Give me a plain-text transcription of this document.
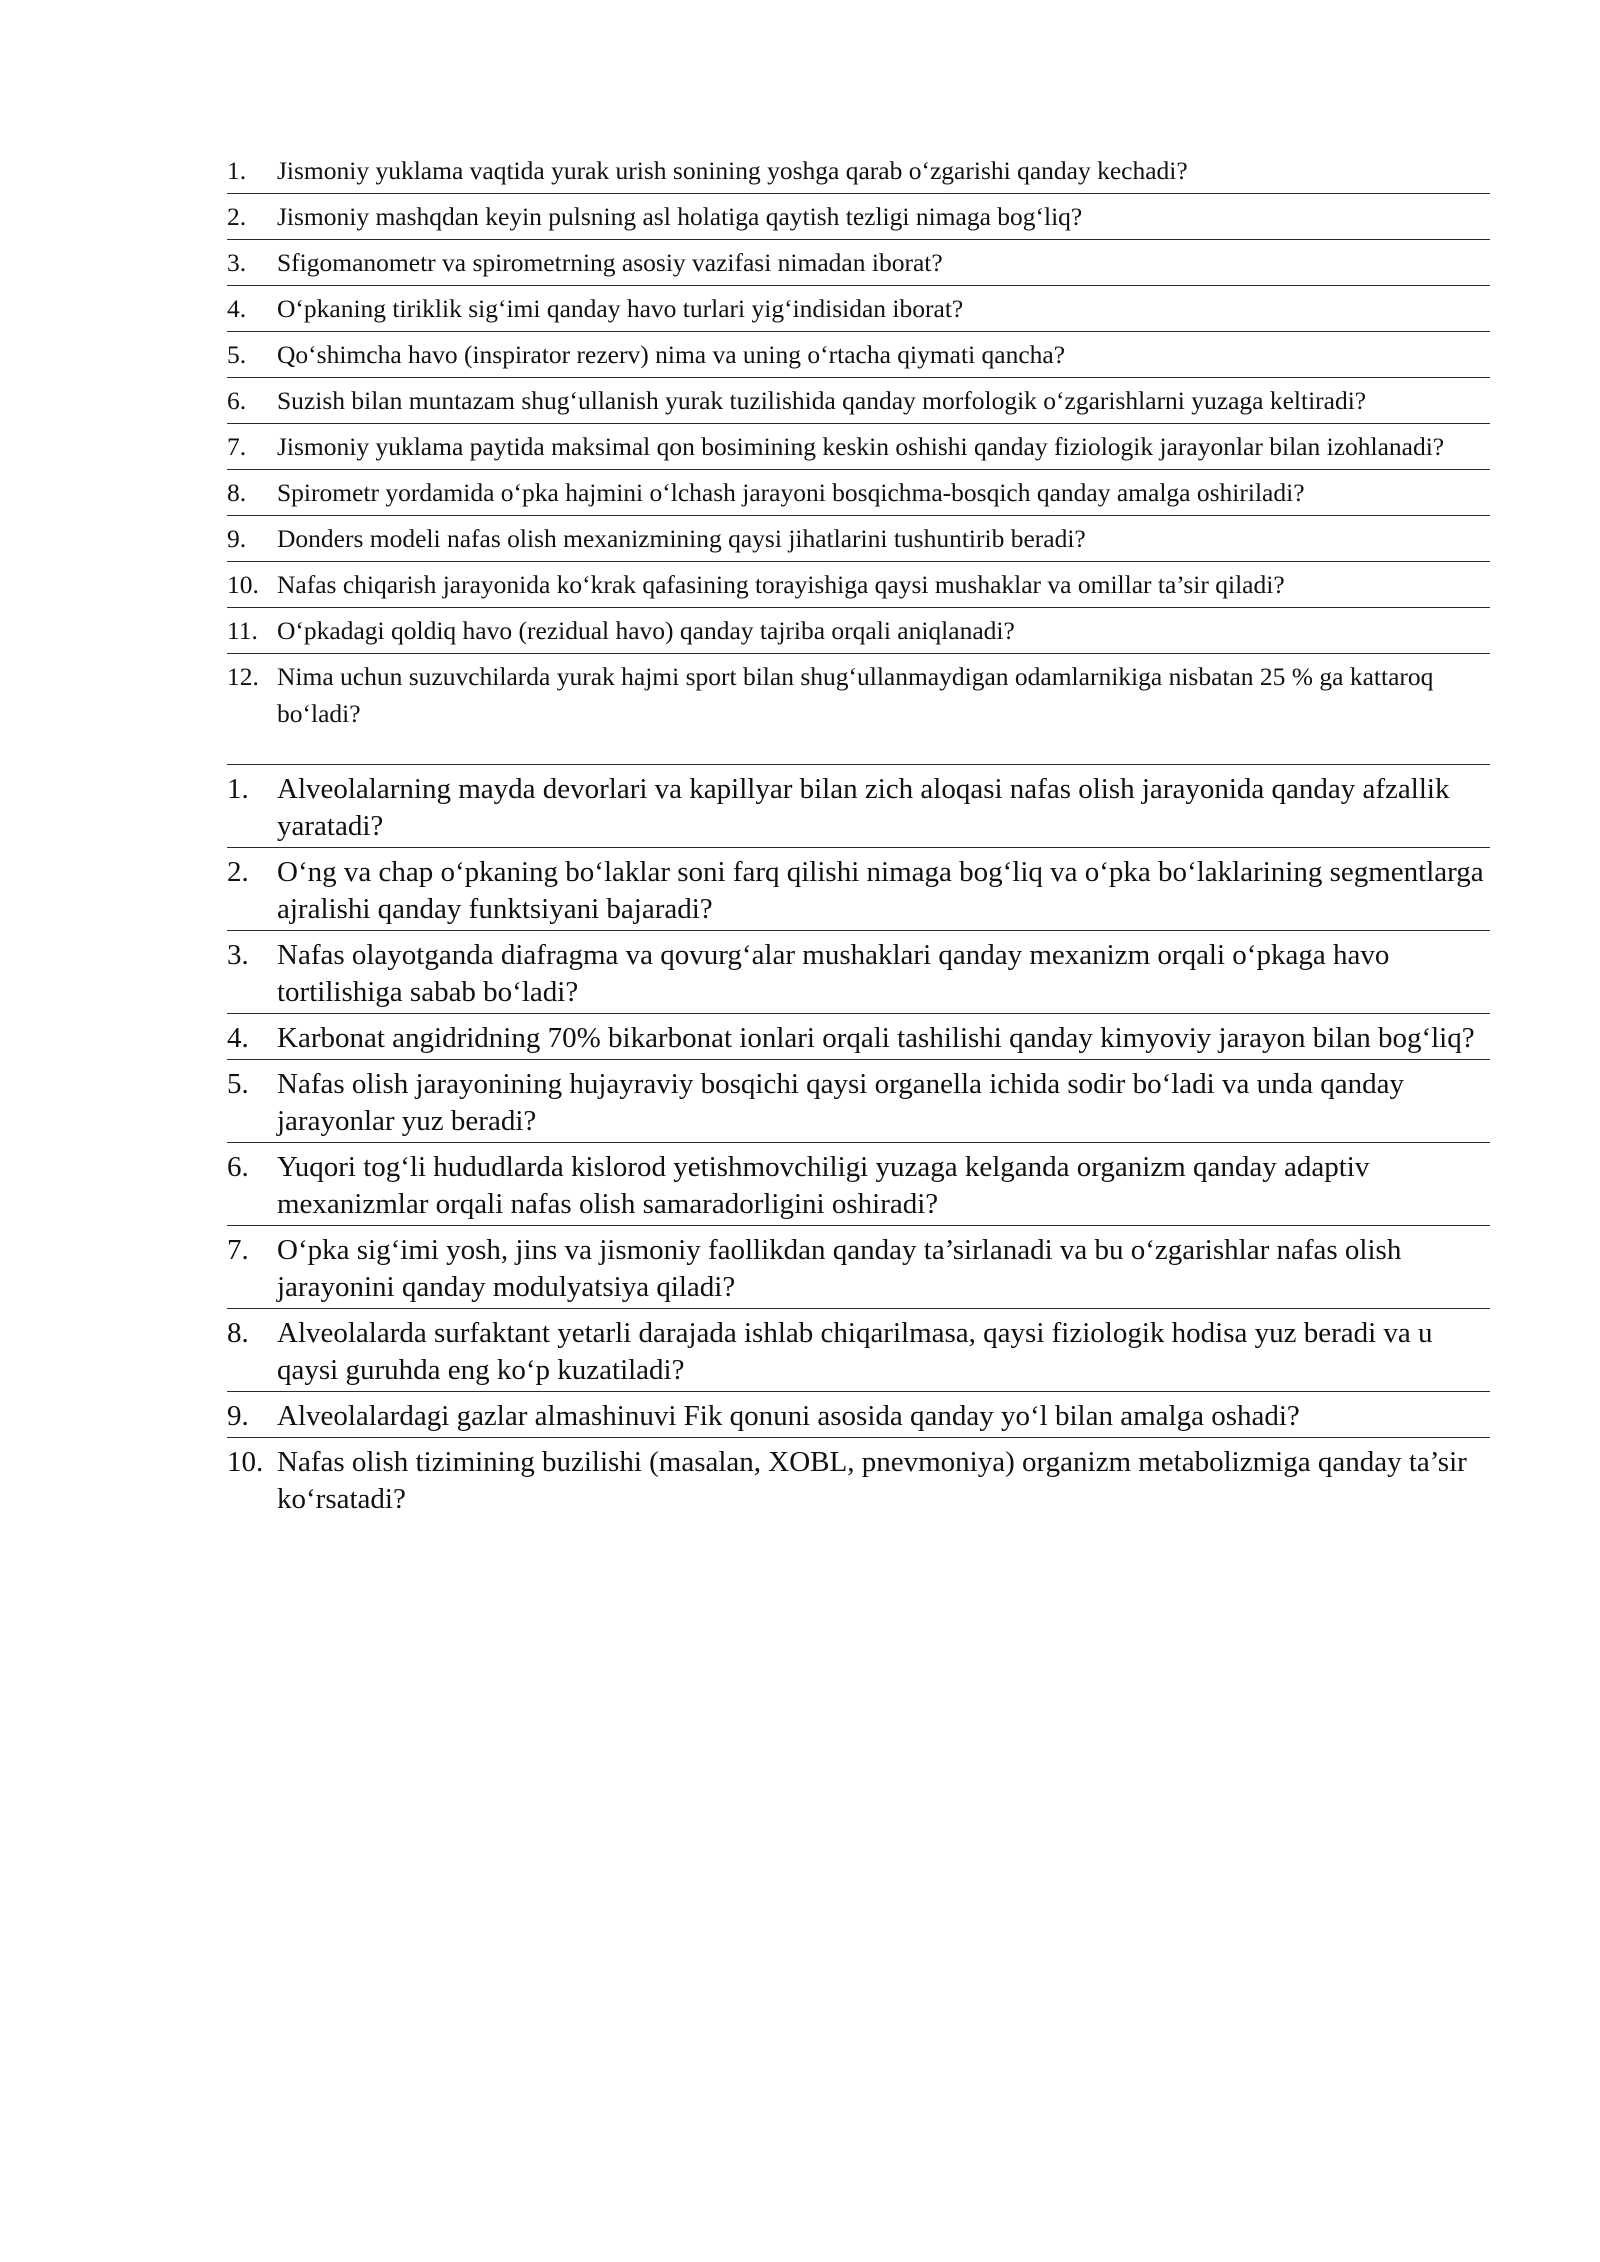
1.	Jismoniy yuklama vaqtida yurak urish sonining yoshga qarab o‘zgarishi qanday kechadi?
2.	Jismoniy mashqdan keyin pulsning asl holatiga qaytish tezligi nimaga bog‘liq?
3.	Sfigomanometr va spirometrning asosiy vazifasi nimadan iborat?
4.	O‘pkaning tiriklik sig‘imi qanday havo turlari yig‘indisidan iborat?
5.	Qo‘shimcha havo (inspirator rezerv) nima va uning o‘rtacha qiymati qancha?
6.	Suzish bilan muntazam shug‘ullanish yurak tuzilishida qanday morfologik o‘zgarishlarni yuzaga keltiradi?
7.	Jismoniy yuklama paytida maksimal qon bosimining keskin oshishi qanday fiziologik jarayonlar bilan izohlanadi?
8.	Spirometr yordamida o‘pka hajmini o‘lchash jarayoni bosqichma-bosqich qanday amalga oshiriladi?
9.	Donders modeli nafas olish mexanizmining qaysi jihatlarini tushuntirib beradi?
10. Nafas chiqarish jarayonida ko‘krak qafasining torayishiga qaysi mushaklar va omillar ta’sir qiladi?
11. O‘pkadagi qoldiq havo (rezidual havo) qanday tajriba orqali aniqlanadi?
12. Nima uchun suzuvchilarda yurak hajmi sport bilan shug‘ullanmaydigan odamlarnikiga nisbatan 25 % ga kattaroq bo‘ladi?
1. Alveolalarning mayda devorlari va kapillyar bilan zich aloqasi nafas olish jarayonida qanday afzallik yaratadi?
2. O‘ng va chap o‘pkaning bo‘laklar soni farq qilishi nimaga bog‘liq va o‘pka bo‘laklarining segmentlarga ajralishi qanday funktsiyani bajaradi?
3. Nafas olayotganda diafragma va qovurg‘alar mushaklari qanday mexanizm orqali o‘pkaga havo tortilishiga sabab bo‘ladi?
4. Karbonat angidridning 70% bikarbonat ionlari orqali tashilishi qanday kimyoviy jarayon bilan bog‘liq?
5. Nafas olish jarayonining hujayraviy bosqichi qaysi organella ichida sodir bo‘ladi va unda qanday jarayonlar yuz beradi?
6. Yuqori tog‘li hududlarda kislorod yetishmovchiligi yuzaga kelganda organizm qanday adaptiv mexanizmlar orqali nafas olish samaradorligini oshiradi?
7. O‘pka sig‘imi yosh, jins va jismoniy faollikdan qanday ta’sirlanadi va bu o‘zgarishlar nafas olish jarayonini qanday modulyatsiya qiladi?
8. Alveolalarda surfaktant yetarli darajada ishlab chiqarilmasa, qaysi fiziologik hodisa yuz beradi va u qaysi guruhda eng ko‘p kuzatiladi?
9. Alveolalardagi gazlar almashinuvi Fik qonuni asosida qanday yo‘l bilan amalga oshadi?
10. Nafas olish tizimining buzilishi (masalan, XOBL, pnevmoniya) organizm metabolizmiga qanday ta’sir ko‘rsatadi?
